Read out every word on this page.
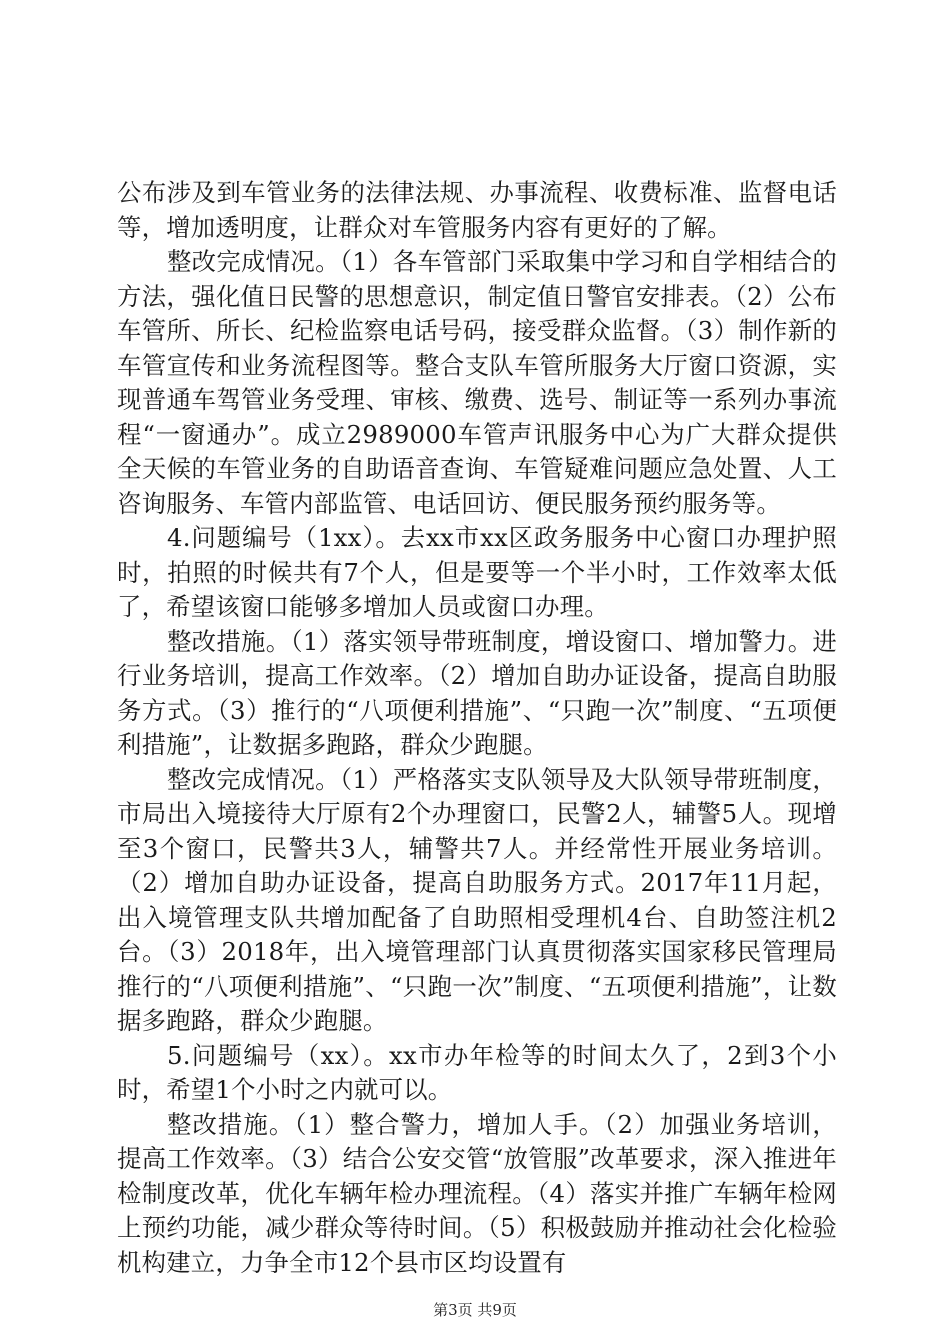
公布涉及到车管业务的法律法规、办事流程、收费标准、监督电话等，增加透明度，让群众对车管服务内容有更好的了解。

整改完成情况。（1）各车管部门采取集中学习和自学相结合的方法，强化值日民警的思想意识，制定值日警官安排表。（2）公布车管所、所长、纪检监察电话号码，接受群众监督。（3）制作新的车管宣传和业务流程图等。整合支队车管所服务大厅窗口资源，实现普通车驾管业务受理、审核、缴费、选号、制证等一系列办事流程“一窗通办”。成立2989000车管声讯服务中心为广大群众提供全天候的车管业务的自助语音查询、车管疑难问题应急处置、人工咨询服务、车管内部监管、电话回访、便民服务预约服务等。

4.问题编号（1xx）。去xx市xx区政务服务中心窗口办理护照时，拍照的时候共有7个人，但是要等一个半小时，工作效率太低了，希望该窗口能够多增加人员或窗口办理。

整改措施。（1）落实领导带班制度，增设窗口、增加警力。进行业务培训，提高工作效率。（2）增加自助办证设备，提高自助服务方式。（3）推行的“八项便利措施”、“只跑一次”制度、“五项便利措施”，让数据多跑路，群众少跑腿。

整改完成情况。（1）严格落实支队领导及大队领导带班制度，市局出入境接待大厅原有2个办理窗口，民警2人，辅警5人。现增至3个窗口，民警共3人，辅警共7人。并经常性开展业务培训。（2）增加自助办证设备，提高自助服务方式。2017年11月起，出入境管理支队共增加配备了自助照相受理机4台、自助签注机2台。（3）2018年，出入境管理部门认真贯彻落实国家移民管理局推行的“八项便利措施”、“只跑一次”制度、“五项便利措施”，让数据多跑路，群众少跑腿。

5.问题编号（xx）。xx市办年检等的时间太久了，2到3个小时，希望1个小时之内就可以。

整改措施。（1）整合警力，增加人手。（2）加强业务培训，提高工作效率。（3）结合公安交管“放管服”改革要求，深入推进年检制度改革，优化车辆年检办理流程。（4）落实并推广车辆年检网上预约功能，减少群众等待时间。（5）积极鼓励并推动社会化检验机构建立，力争全市12个县市区均设置有

第3页 共9页
